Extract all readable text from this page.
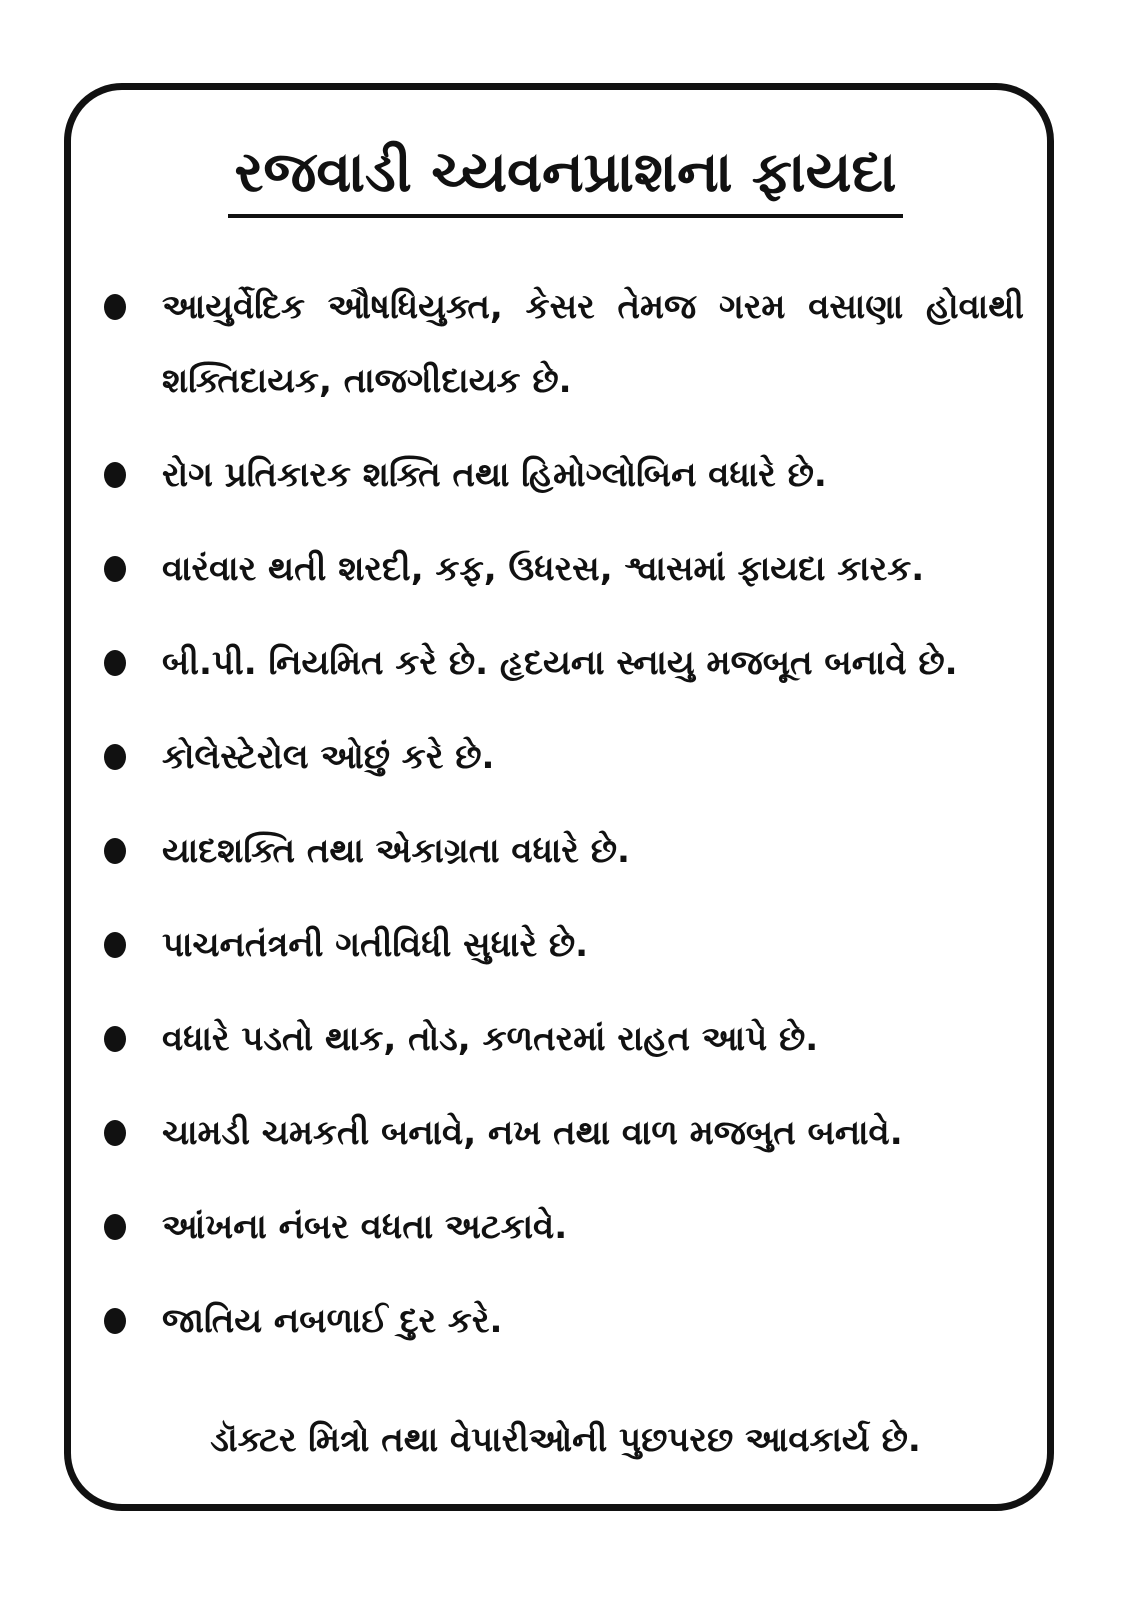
રજવાડી ચ્યવનપ્રાશના ફાયદા
આયુર્વેદિક ઔષધિયુક્ત, કેસર તેમજ ગરમ વસાણા હોવાથી શક્તિદાયક, તાજગીદાયક છે.
રોગ પ્રતિકારક શક્તિ તથા હિમોગ્લોબિન વધારે છે.
વારંવાર થતી શરદી, કફ, ઉધરસ, શ્વાસમાં ફાયદા કારક.
બી.પી. નિયમિત કરે છે. હૃદયના સ્નાયુ મજબૂત બનાવે છે.
કોલેસ્ટેરોલ ઓછું કરે છે.
યાદશક્તિ તથા એકાગ્રતા વધારે છે.
પાચનતંત્રની ગતીવિધી સુધારે છે.
વધારે પડતો થાક, તોડ, કળતરમાં રાહત આપે છે.
ચામડી ચમકતી બનાવે, નખ તથા વાળ મજબુત બનાવે.
આંખના નંબર વધતા અટકાવે.
જાતિય નબળાઈ દુર કરે.
ડૉક્ટર મિત્રો તથા વેપારીઓની પુછપરછ આવકાર્ય છે.
